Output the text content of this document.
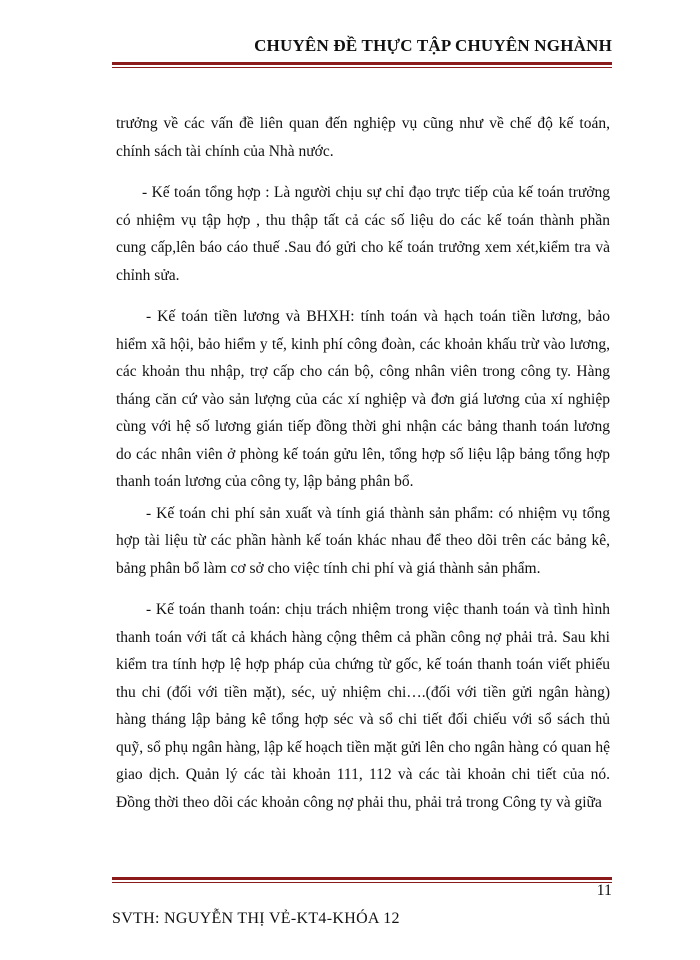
CHUYÊN ĐỀ THỰC TẬP CHUYÊN NGHÀNH

trưởng về các vấn đề liên quan đến nghiệp vụ cũng như về chế độ kế toán, chính sách tài chính của Nhà nước.

- Kế toán tổng hợp : Là người chịu sự chỉ đạo trực tiếp của kế toán trưởng có nhiệm vụ tập hợp , thu thập tất cả các số liệu do các kế toán thành phần cung cấp,lên báo cáo thuế .Sau đó gửi cho kế toán trưởng xem xét,kiểm tra và chỉnh sửa.

- Kế toán tiền lương và BHXH: tính toán và hạch toán tiền lương, bảo hiểm xã hội, bảo hiểm y tế, kinh phí công đoàn, các khoản khấu trừ vào lương, các khoản thu nhập, trợ cấp cho cán bộ, công nhân viên trong công ty. Hàng tháng căn cứ vào sản lượng của các xí nghiệp và đơn giá lương của xí nghiệp cùng với hệ số lương gián tiếp đồng thời ghi nhận các bảng thanh toán lương do các nhân viên ở phòng kế toán gửu lên, tổng hợp số liệu lập bảng tổng hợp thanh toán lương của công ty, lập bảng phân bổ.

- Kế toán chi phí sản xuất và tính giá thành sản phẩm: có nhiệm vụ tổng hợp tài liệu từ các phần hành kế toán khác nhau để theo dõi trên các bảng kê, bảng phân bổ làm cơ sở cho việc tính chi phí và giá thành sản phẩm.

- Kế toán thanh toán: chịu trách nhiệm trong việc thanh toán và tình hình thanh toán với tất cả khách hàng cộng thêm cả phần công nợ phải trả. Sau khi kiểm tra tính hợp lệ hợp pháp của chứng từ gốc, kế toán thanh toán viết phiếu thu chi (đối với tiền mặt), séc, uỷ nhiệm chi….(đối với tiền gửi ngân hàng) hàng tháng lập bảng kê tổng hợp séc và sổ chi tiết đối chiếu với sổ sách thủ quỹ, sổ phụ ngân hàng, lập kế hoạch tiền mặt gửi lên cho ngân hàng có quan hệ giao dịch. Quản lý các tài khoản 111, 112 và các tài khoản chi tiết của nó. Đồng thời theo dõi các khoản công nợ phải thu, phải trả trong Công ty và giữa

11
SVTH: NGUYỄN THỊ VẺ-KT4-KHÓA 12
